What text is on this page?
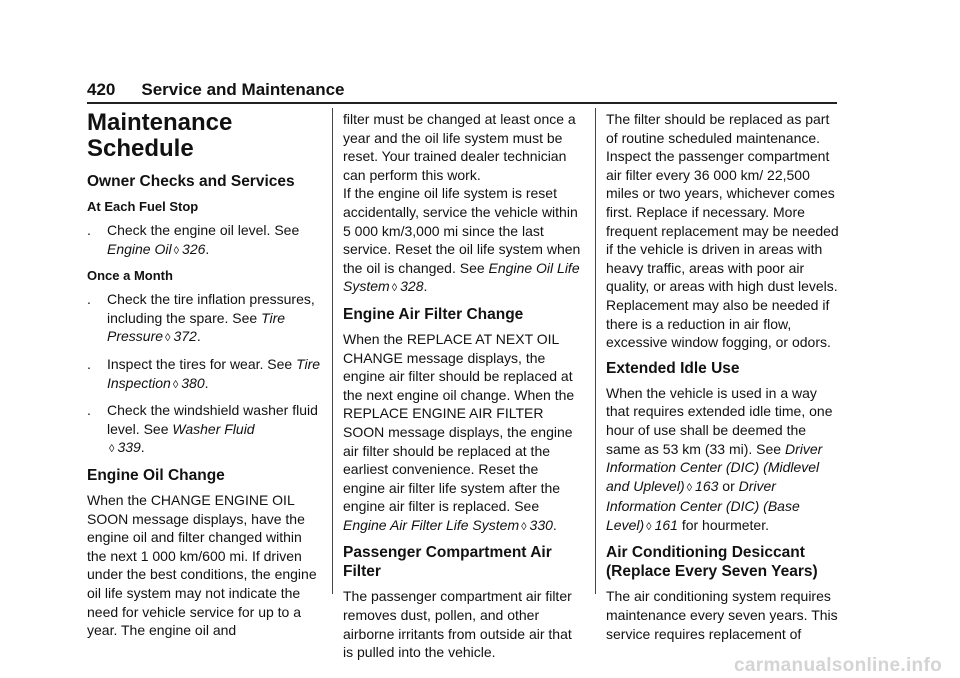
420 Service and Maintenance
Maintenance
Schedule
Owner Checks and Services
At Each Fuel Stop
. Check the engine oil level. See Engine Oil ◊ 326.
Once a Month
. Check the tire inflation pressures, including the spare. See Tire Pressure ◊ 372.
. Inspect the tires for wear. See Tire Inspection ◊ 380.
. Check the windshield washer fluid level. See Washer Fluid
◊ 339.
Engine Oil Change

When the CHANGE ENGINE OIL SOON message displays, have the engine oil and filter changed within the next 1 000 km/600 mi. If driven under the best conditions, the engine oil life system may not indicate the need for vehicle service for up to a year. The engine oil and

filter must be changed at least once a year and the oil life system must be reset. Your trained dealer technician can perform this work.

If the engine oil life system is reset accidentally, service the vehicle within 5 000 km/3,000 mi since the last service. Reset the oil life system when the oil is changed. See Engine Oil Life System ◊ 328.

Engine Air Filter Change

When the REPLACE AT NEXT OIL CHANGE message displays, the engine air filter should be replaced at the next engine oil change. When the REPLACE ENGINE AIR FILTER SOON message displays, the engine air filter should be replaced at the earliest convenience. Reset the engine air filter life system after the engine air filter is replaced. See Engine Air Filter Life System ◊ 330.

Passenger Compartment Air Filter

The passenger compartment air filter removes dust, pollen, and other airborne irritants from outside air that is pulled into the vehicle.

The filter should be replaced as part of routine scheduled maintenance. Inspect the passenger compartment air filter every 36 000 km/ 22,500 miles or two years, whichever comes first. Replace if necessary. More frequent replacement may be needed if the vehicle is driven in areas with heavy traffic, areas with poor air quality, or areas with high dust levels. Replacement may also be needed if there is a reduction in air flow, excessive window fogging, or odors.

Extended Idle Use

When the vehicle is used in a way that requires extended idle time, one hour of use shall be deemed the same as 53 km (33 mi). See Driver Information Center (DIC) (Midlevel and Uplevel) ◊ 163 or Driver Information Center (DIC) (Base Level) ◊ 161 for hourmeter.

Air Conditioning Desiccant (Replace Every Seven Years)

The air conditioning system requires maintenance every seven years. This service requires replacement of

carmanualsonline.info
